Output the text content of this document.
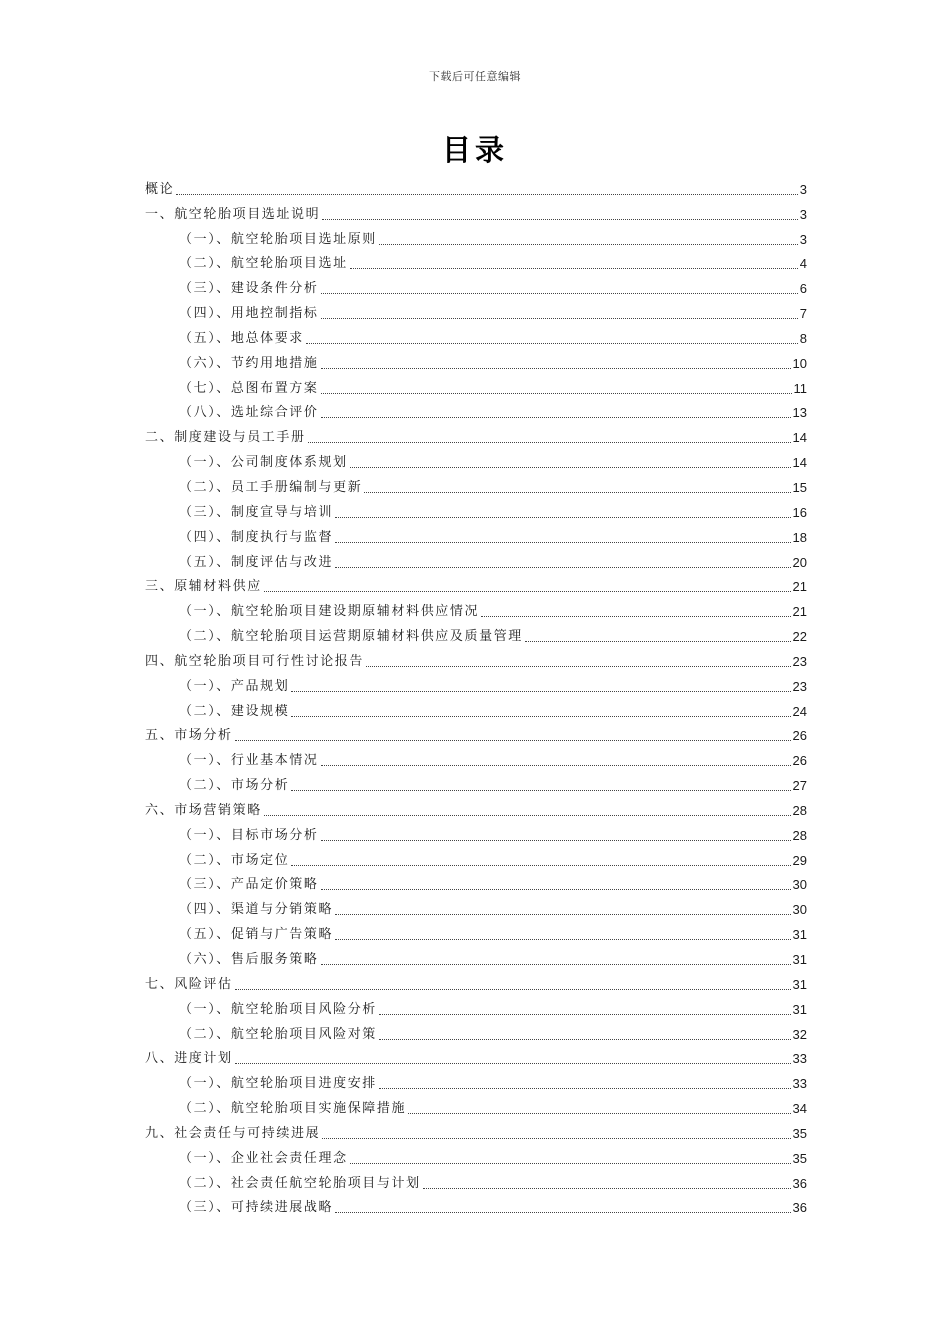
下载后可任意编辑
目录
概论	3
一、航空轮胎项目选址说明	3
（一）、航空轮胎项目选址原则	3
（二）、航空轮胎项目选址	4
（三）、建设条件分析	6
（四）、用地控制指标	7
（五）、地总体要求	8
（六）、节约用地措施	10
（七）、总图布置方案	11
（八）、选址综合评价	13
二、制度建设与员工手册	14
（一）、公司制度体系规划	14
（二）、员工手册编制与更新	15
（三）、制度宣导与培训	16
（四）、制度执行与监督	18
（五）、制度评估与改进	20
三、原辅材料供应	21
（一）、航空轮胎项目建设期原辅材料供应情况	21
（二）、航空轮胎项目运营期原辅材料供应及质量管理	22
四、航空轮胎项目可行性讨论报告	23
（一）、产品规划	23
（二）、建设规模	24
五、市场分析	26
（一）、行业基本情况	26
（二）、市场分析	27
六、市场营销策略	28
（一）、目标市场分析	28
（二）、市场定位	29
（三）、产品定价策略	30
（四）、渠道与分销策略	30
（五）、促销与广告策略	31
（六）、售后服务策略	31
七、风险评估	31
（一）、航空轮胎项目风险分析	31
（二）、航空轮胎项目风险对策	32
八、进度计划	33
（一）、航空轮胎项目进度安排	33
（二）、航空轮胎项目实施保障措施	34
九、社会责任与可持续进展	35
（一）、企业社会责任理念	35
（二）、社会责任航空轮胎项目与计划	36
（三）、可持续进展战略	36
